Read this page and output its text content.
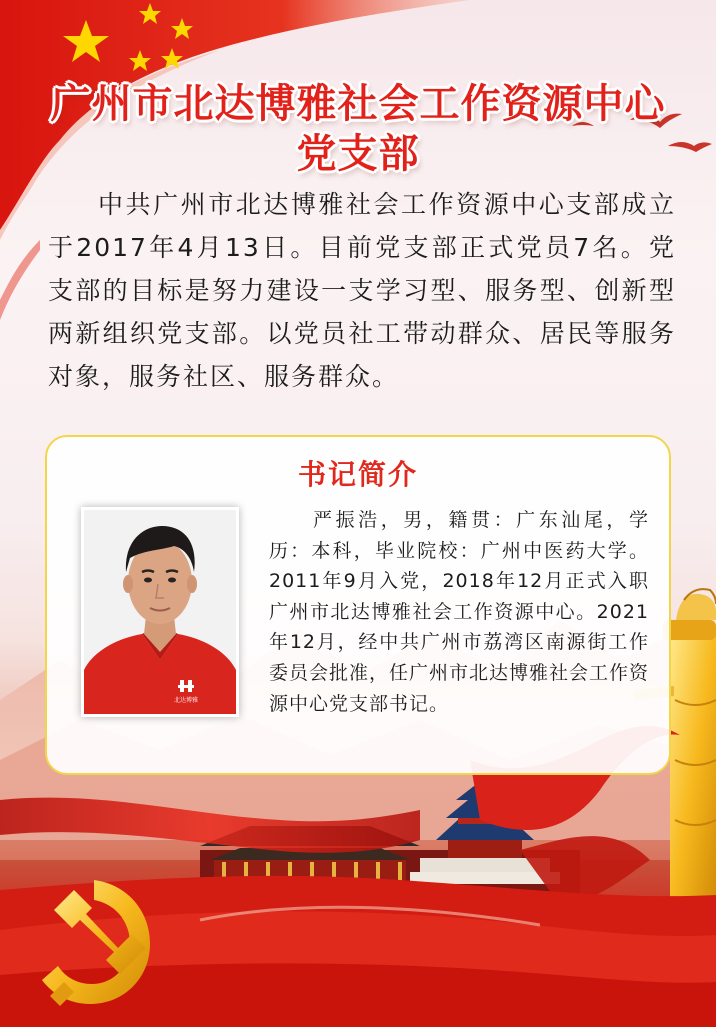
广州市北达博雅社会工作资源中心
党支部
中共广州市北达博雅社会工作资源中心支部成立于2017年4月13日。目前党支部正式党员7名。党支部的目标是努力建设一支学习型、服务型、创新型两新组织党支部。以党员社工带动群众、居民等服务对象，服务社区、服务群众。
书记简介
北达博雅
严振浩，男，籍贯：广东汕尾，学历：本科，毕业院校：广州中医药大学。2011年9月入党，2018年12月正式入职广州市北达博雅社会工作资源中心。2021年12月，经中共广州市荔湾区南源街工作委员会批准，任广州市北达博雅社会工作资源中心党支部书记。
